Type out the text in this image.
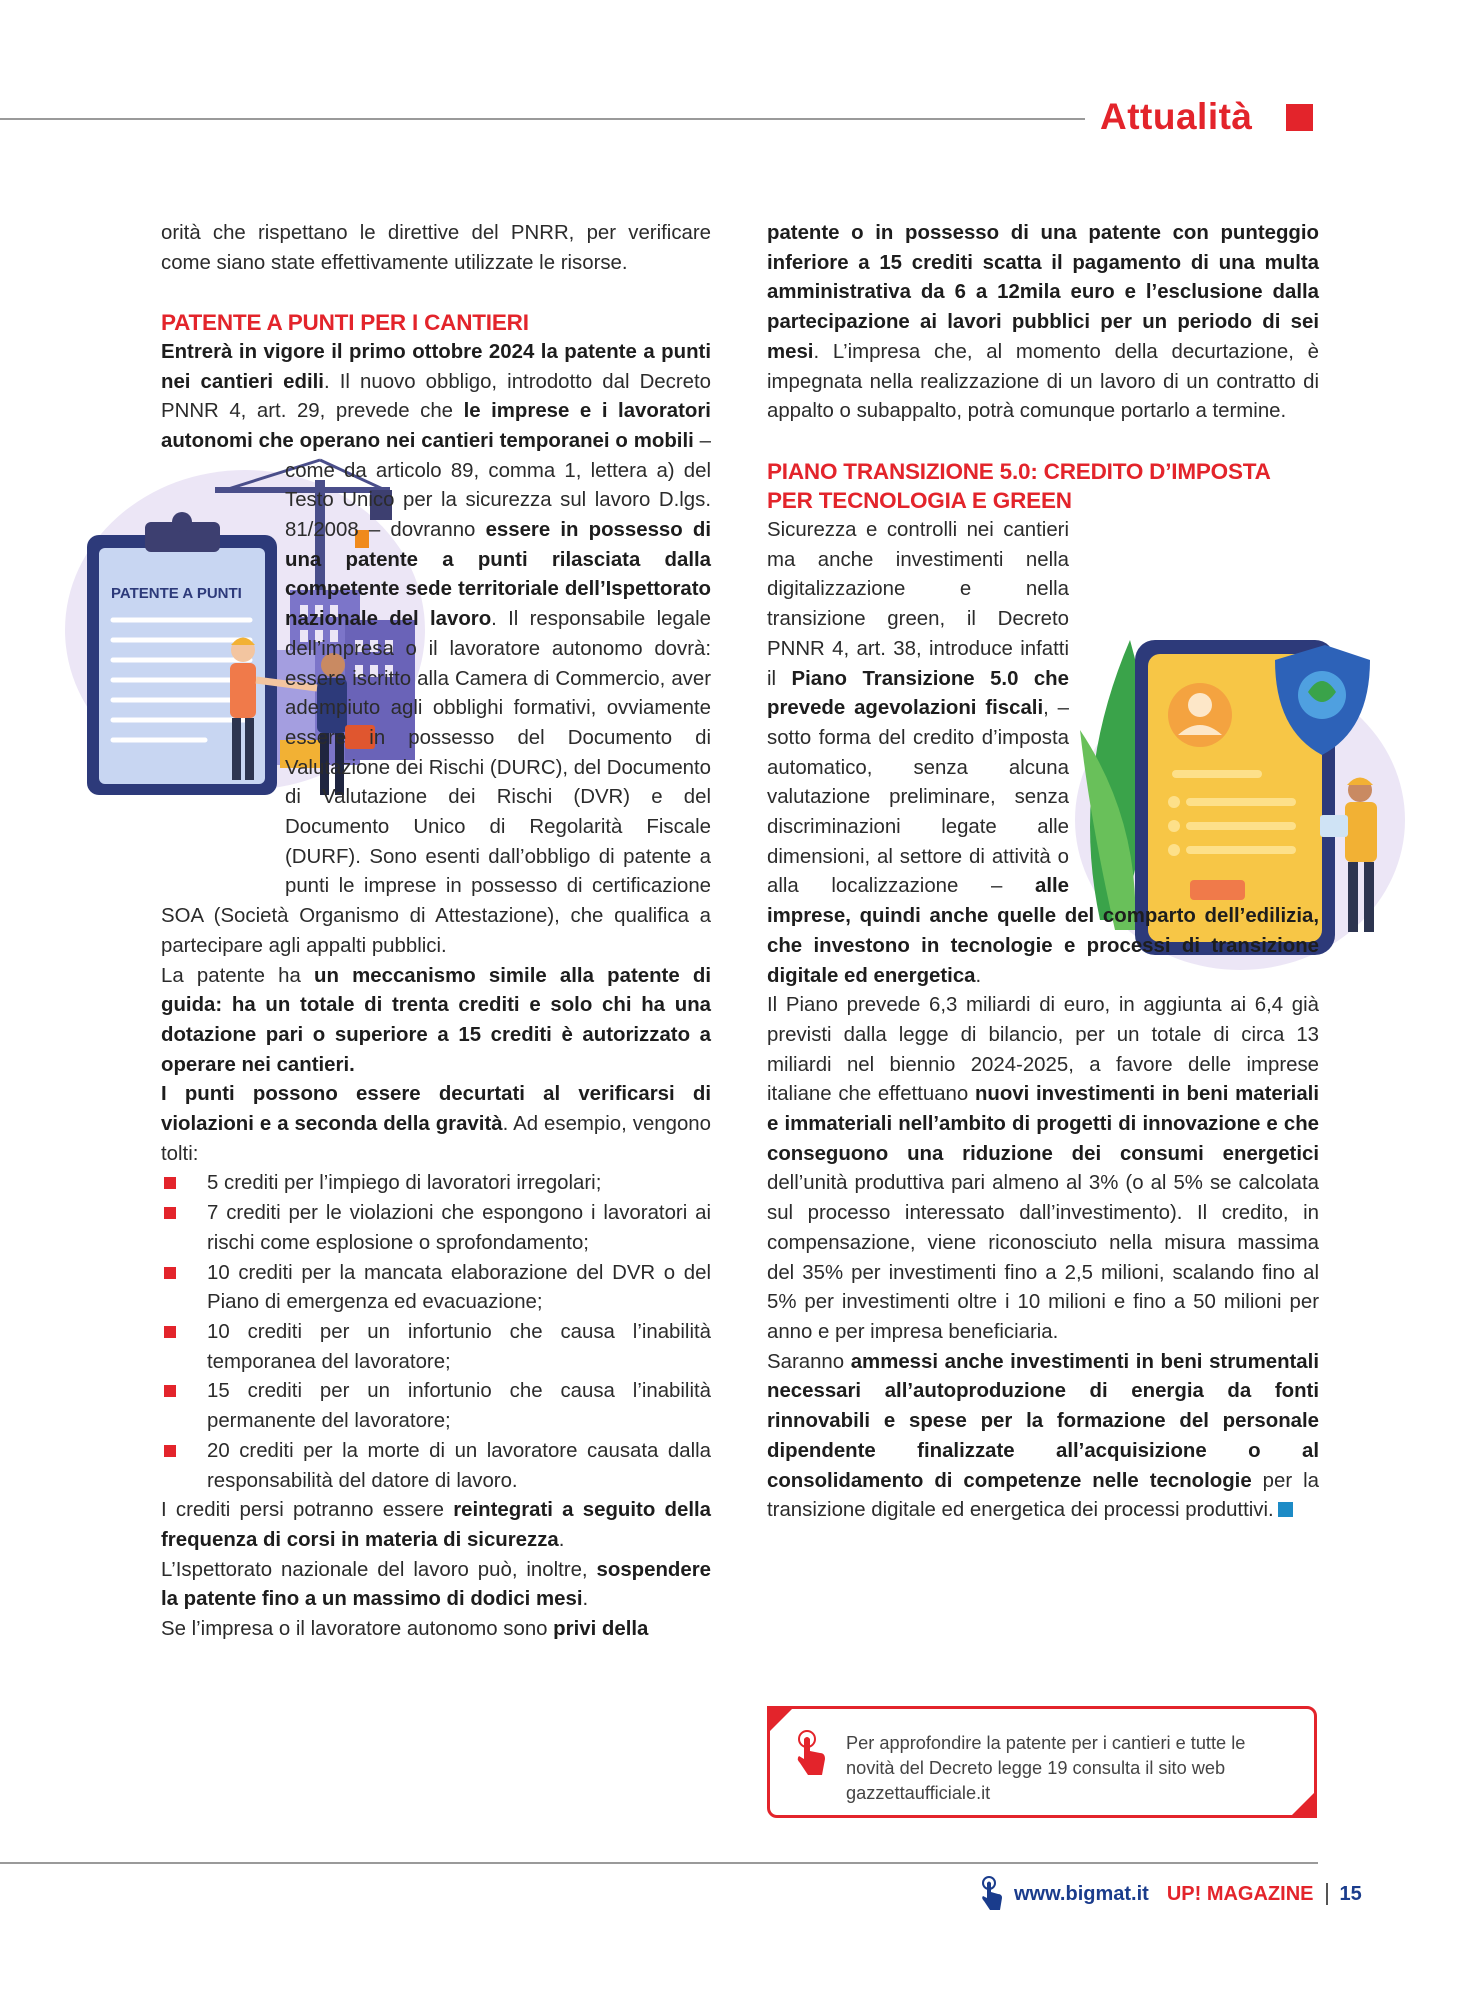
Attualità
PATENTE A PUNTI

orità che rispettano le direttive del PNRR, per verificare come siano state effettivamente utilizzate le risorse.

PATENTE A PUNTI PER I CANTIERI

Entrerà in vigore il primo ottobre 2024 la patente a punti nei cantieri edili. Il nuovo obbligo, introdotto dal Decreto PNNR 4, art. 29, prevede che le imprese e i lavoratori autonomi che operano nei cantieri temporanei o mobili
– come da articolo 89, comma 1, lettera a) del Testo Unico per la sicurezza sul lavoro D.lgs. 81/2008 – dovranno essere in possesso di una patente a punti rilasciata dalla competente sede territoriale dell’Ispettorato nazionale del lavoro. Il responsabile legale dell’impresa o il lavoratore autonomo dovrà: essere iscritto alla Camera di Commercio, aver adempiuto agli obblighi formativi, ovviamente essere in possesso del Documento di Valutazione dei Rischi (DURC), del Documento di Valutazione dei Rischi (DVR) e del Documento Unico di Regolarità Fiscale (DURF). Sono esenti dall’obbligo di patente a punti le imprese in possesso di certificazione SOA (Società Organismo di Attestazione), che qualifica a partecipare agli appalti pubblici.

La patente ha un meccanismo simile alla patente di guida: ha un totale di trenta crediti e solo chi ha una dotazione pari o superiore a 15 crediti è autorizzato a operare nei cantieri.

I punti possono essere decurtati al verificarsi di violazioni e a seconda della gravità. Ad esempio, vengono tolti:

5 crediti per l’impiego di lavoratori irregolari;
7 crediti per le violazioni che espongono i lavoratori ai rischi come esplosione o sprofondamento;
10 crediti per la mancata elaborazione del DVR o del Piano di emergenza ed evacuazione;
10 crediti per un infortunio che causa l’inabilità temporanea del lavoratore;
15 crediti per un infortunio che causa l’inabilità permanente del lavoratore;
20 crediti per la morte di un lavoratore causata dalla responsabilità del datore di lavoro.

I crediti persi potranno essere reintegrati a seguito della frequenza di corsi in materia di sicurezza.

L’Ispettorato nazionale del lavoro può, inoltre, sospendere la patente fino a un massimo di dodici mesi.

Se l’impresa o il lavoratore autonomo sono privi della

patente o in possesso di una patente con punteggio inferiore a 15 crediti scatta il pagamento di una multa amministrativa da 6 a 12mila euro e l’esclusione dalla partecipazione ai lavori pubblici per un periodo di sei mesi. L’impresa che, al momento della decurtazione, è impegnata nella realizzazione di un lavoro di un contratto di appalto o subappalto, potrà comunque portarlo a termine.

PIANO TRANSIZIONE 5.0: CREDITO D’IMPOSTA

PER TECNOLOGIA E GREEN

Sicurezza e controlli nei cantieri ma anche investimenti nella digitalizzazione e nella transizione green, il Decreto PNNR 4, art. 38, introduce infatti il Piano Transizione 5.0 che prevede agevolazioni fiscali, – sotto forma del credito d’imposta automatico, senza alcuna valutazione preliminare, senza discriminazioni legate alle dimensioni, al settore di attività o alla localizzazione – alle imprese, quindi anche quelle del comparto dell’edilizia, che investono in tecnologie e processi di transizione digitale ed energetica.

Il Piano prevede 6,3 miliardi di euro, in aggiunta ai 6,4 già previsti dalla legge di bilancio, per un totale di circa 13 miliardi nel biennio 2024-2025, a favore delle imprese italiane che effettuano nuovi investimenti in beni materiali e immateriali nell’ambito di progetti di innovazione e che conseguono una riduzione dei consumi energetici dell’unità produttiva pari almeno al 3% (o al 5% se calcolata sul processo interessato dall’investimento). Il credito, in compensazione, viene riconosciuto nella misura massima del 35% per investimenti fino a 2,5 milioni, scalando fino al 5% per investimenti oltre i 10 milioni e fino a 50 milioni per anno e per impresa beneficiaria.

Saranno ammessi anche investimenti in beni strumentali necessari all’autoproduzione di energia da fonti rinnovabili e spese per la formazione del personale dipendente finalizzate all’acquisizione o al consolidamento di competenze nelle tecnologie per la transizione digitale ed energetica dei processi produttivi.

Per approfondire la patente per i cantieri e tutte le novità del Decreto legge 19 consulta il sito web gazzettaufficiale.it
www.bigmat.it UP! MAGAZINE 15
